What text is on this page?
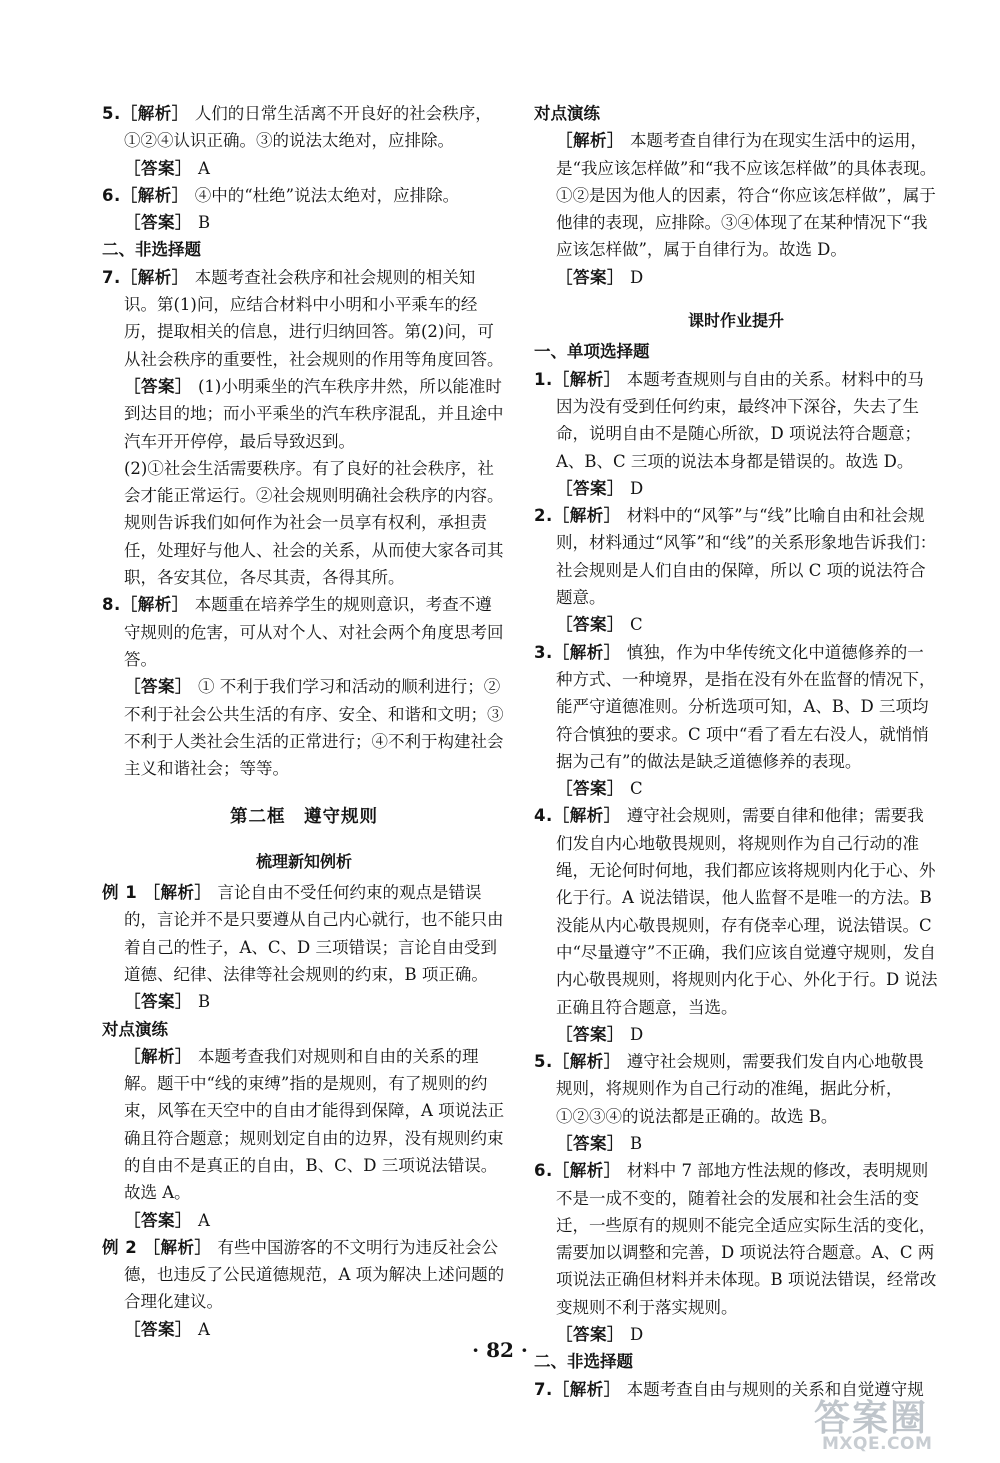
5.［解析］ 人们的日常生活离不开良好的社会秩序，①②④认识正确。③的说法太绝对，应排除。

［答案］ A

6.［解析］ ④中的“杜绝”说法太绝对，应排除。

［答案］ B

二、非选择题

7.［解析］ 本题考查社会秩序和社会规则的相关知识。第(1)问，应结合材料中小明和小平乘车的经历，提取相关的信息，进行归纳回答。第(2)问，可从社会秩序的重要性，社会规则的作用等角度回答。

［答案］ (1)小明乘坐的汽车秩序井然，所以能准时到达目的地；而小平乘坐的汽车秩序混乱，并且途中汽车开开停停，最后导致迟到。

(2)①社会生活需要秩序。有了良好的社会秩序，社会才能正常运行。②社会规则明确社会秩序的内容。规则告诉我们如何作为社会一员享有权利，承担责任，处理好与他人、社会的关系，从而使大家各司其职，各安其位，各尽其责，各得其所。

8.［解析］ 本题重在培养学生的规则意识，考查不遵守规则的危害，可从对个人、对社会两个角度思考回答。

［答案］ ① 不利于我们学习和活动的顺利进行；②不利于社会公共生活的有序、安全、和谐和文明；③不利于人类社会生活的正常进行；④不利于构建社会主义和谐社会；等等。

第二框　遵守规则

梳理新知例析

例 1 ［解析］ 言论自由不受任何约束的观点是错误的，言论并不是只要遵从自己内心就行，也不能只由着自己的性子，A、C、D 三项错误；言论自由受到道德、纪律、法律等社会规则的约束，B 项正确。

［答案］ B

对点演练

［解析］ 本题考查我们对规则和自由的关系的理解。题干中“线的束缚”指的是规则，有了规则的约束，风筝在天空中的自由才能得到保障，A 项说法正确且符合题意；规则划定自由的边界，没有规则约束的自由不是真正的自由，B、C、D 三项说法错误。故选 A。

［答案］ A

例 2 ［解析］ 有些中国游客的不文明行为违反社会公德，也违反了公民道德规范，A 项为解决上述问题的合理化建议。

［答案］ A

对点演练

［解析］ 本题考查自律行为在现实生活中的运用，是“我应该怎样做”和“我不应该怎样做”的具体表现。①②是因为他人的因素，符合“你应该怎样做”，属于他律的表现，应排除。③④体现了在某种情况下“我应该怎样做”，属于自律行为。故选 D。

［答案］ D

课时作业提升

一、单项选择题

1.［解析］ 本题考查规则与自由的关系。材料中的马因为没有受到任何约束，最终冲下深谷，失去了生命，说明自由不是随心所欲，D 项说法符合题意；A、B、C 三项的说法本身都是错误的。故选 D。

［答案］ D

2.［解析］ 材料中的“风筝”与“线”比喻自由和社会规则，材料通过“风筝”和“线”的关系形象地告诉我们：社会规则是人们自由的保障，所以 C 项的说法符合题意。

［答案］ C

3.［解析］ 慎独，作为中华传统文化中道德修养的一种方式、一种境界，是指在没有外在监督的情况下，能严守道德准则。分析选项可知，A、B、D 三项均符合慎独的要求。C 项中“看了看左右没人，就悄悄据为己有”的做法是缺乏道德修养的表现。

［答案］ C

4.［解析］ 遵守社会规则，需要自律和他律；需要我们发自内心地敬畏规则，将规则作为自己行动的准绳，无论何时何地，我们都应该将规则内化于心、外化于行。A 说法错误，他人监督不是唯一的方法。B 没能从内心敬畏规则，存有侥幸心理，说法错误。C 中“尽量遵守”不正确，我们应该自觉遵守规则，发自内心敬畏规则，将规则内化于心、外化于行。D 说法正确且符合题意，当选。

［答案］ D

5.［解析］ 遵守社会规则，需要我们发自内心地敬畏规则，将规则作为自己行动的准绳，据此分析，①②③④的说法都是正确的。故选 B。

［答案］ B

6.［解析］ 材料中 7 部地方性法规的修改，表明规则不是一成不变的，随着社会的发展和社会生活的变迁，一些原有的规则不能完全适应实际生活的变化，需要加以调整和完善，D 项说法符合题意。A、C 两项说法正确但材料并未体现。B 项说法错误，经常改变规则不利于落实规则。

［答案］ D

二、非选择题

7.［解析］ 本题考查自由与规则的关系和自觉遵守规

· 82 ·
答案圈
MXQE.COM
